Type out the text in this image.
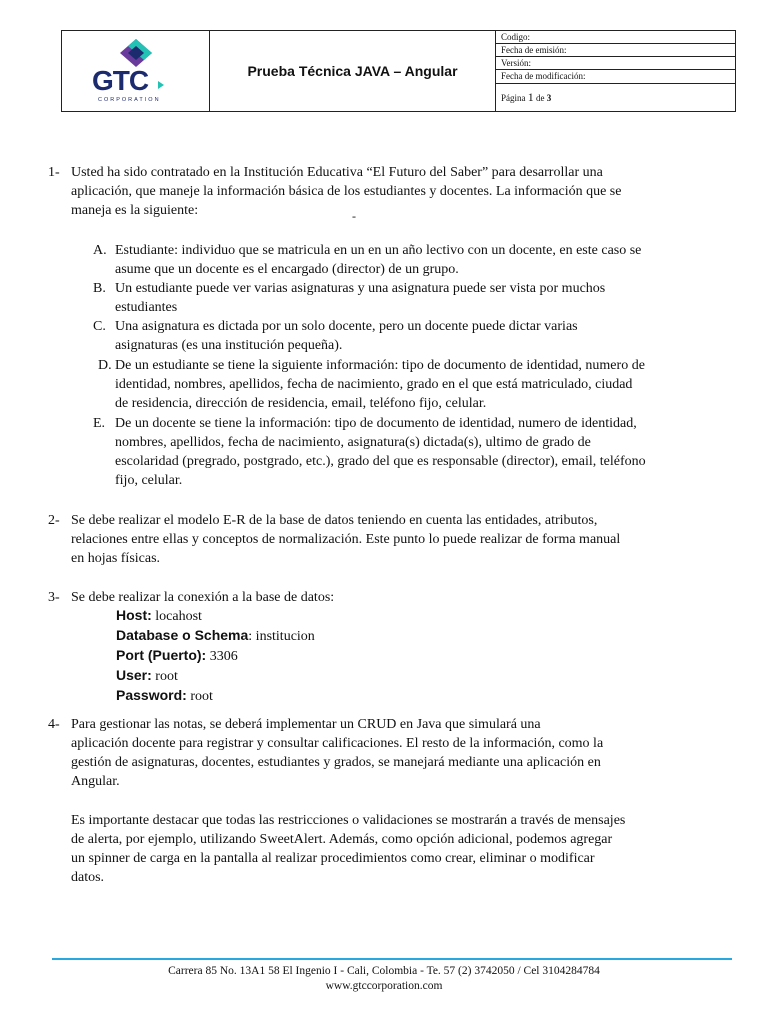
GTC
CORPORATION
Prueba Técnica JAVA – Angular
Codigo:
Fecha de emisión:
Versión:
Fecha de modificación:
Página 1 de 3
1- Usted ha sido contratado en la Institución Educativa “El Futuro del Saber” para desarrollar una
aplicación, que maneje la información básica de los estudiantes y docentes. La información que se
maneja es la siguiente:	-
A. Estudiante: individuo que se matricula en un en un año lectivo con un docente, en este caso se
asume que un docente es el encargado (director) de un grupo.
B. Un estudiante puede ver varias asignaturas y una asignatura puede ser vista por muchos
estudiantes
C. Una asignatura es dictada por un solo docente, pero un docente puede dictar varias
asignaturas (es una institución pequeña).
D. De un estudiante se tiene la siguiente información: tipo de documento de identidad, numero de
identidad, nombres, apellidos, fecha de nacimiento, grado en el que está matriculado, ciudad
de residencia, dirección de residencia, email, teléfono fijo, celular.
E. De un docente se tiene la información: tipo de documento de identidad, numero de identidad,
nombres, apellidos, fecha de nacimiento, asignatura(s) dictada(s), ultimo de grado de
escolaridad (pregrado, postgrado, etc.), grado del que es responsable (director), email, teléfono
fijo, celular.
2- Se debe realizar el modelo E-R de la base de datos teniendo en cuenta las entidades, atributos,
relaciones entre ellas y conceptos de normalización. Este punto lo puede realizar de forma manual
en hojas físicas.
3- Se debe realizar la conexión a la base de datos:
Host: locahost
Database o Schema: institucion
Port (Puerto): 3306
User: root
Password: root
4- Para gestionar las notas, se deberá implementar un CRUD en Java que simulará una
aplicación docente para registrar y consultar calificaciones. El resto de la información, como la
gestión de asignaturas, docentes, estudiantes y grados, se manejará mediante una aplicación en
Angular.
Es importante destacar que todas las restricciones o validaciones se mostrarán a través de mensajes
de alerta, por ejemplo, utilizando SweetAlert. Además, como opción adicional, podemos agregar
un spinner de carga en la pantalla al realizar procedimientos como crear, eliminar o modificar
datos.
Carrera 85 No. 13A1 58 El Ingenio I - Cali, Colombia - Te. 57 (2) 3742050 / Cel 3104284784
www.gtccorporation.com
